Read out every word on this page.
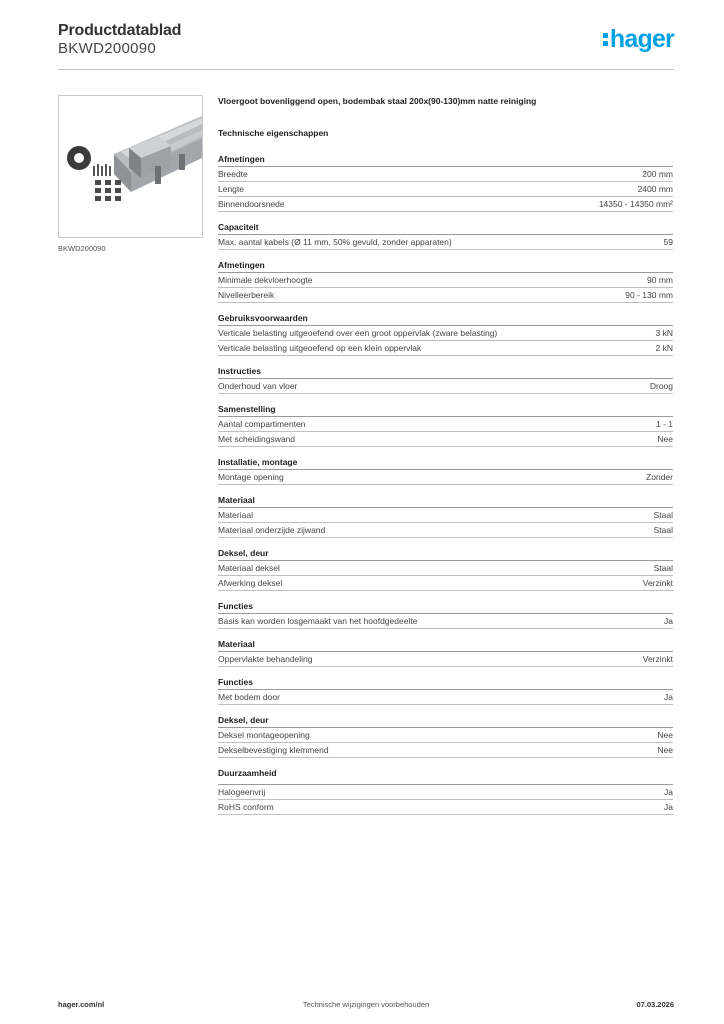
Productdatablad
BKWD200090	hager
BKWD200090
Vloergoot bovenliggend open, bodembak staal 200x(90-130)mm natte reiniging
Technische eigenschappen
Afmetingen
Breedte	200 mm
Lengte	2400 mm
Binnendoorsnede	14350 - 14350 mm²
Capaciteit
Max. aantal kabels (Ø 11 mm, 50% gevuld, zonder apparaten)	59
Afmetingen
Minimale dekvloerhoogte	90 mm
Nivelleerbereik	90 - 130 mm
Gebruiksvoorwaarden
Verticale belasting uitgeoefend over een groot oppervlak (zware belasting)	3 kN
Verticale belasting uitgeoefend op een klein oppervlak	2 kN
Instructies
Onderhoud van vloer	Droog
Samenstelling
Aantal compartimenten	1 - 1
Met scheidingswand	Nee
Installatie, montage
Montage opening	Zonder
Materiaal
Materiaal	Staal
Materiaal onderzijde zijwand	Staal
Deksel, deur
Materiaal deksel	Staal
Afwerking deksel	Verzinkt
Functies
Basis kan worden losgemaakt van het hoofdgedeelte	Ja
Materiaal
Oppervlakte behandeling	Verzinkt
Functies
Met bodem door	Ja
Deksel, deur
Deksel montageopening	Nee
Dekselbevestiging klemmend	Nee
Duurzaamheid
Halogeenvrij	Ja
RoHS conform	Ja
hager.com/nl	Technische wijzigingen voorbehouden	07.03.2026
